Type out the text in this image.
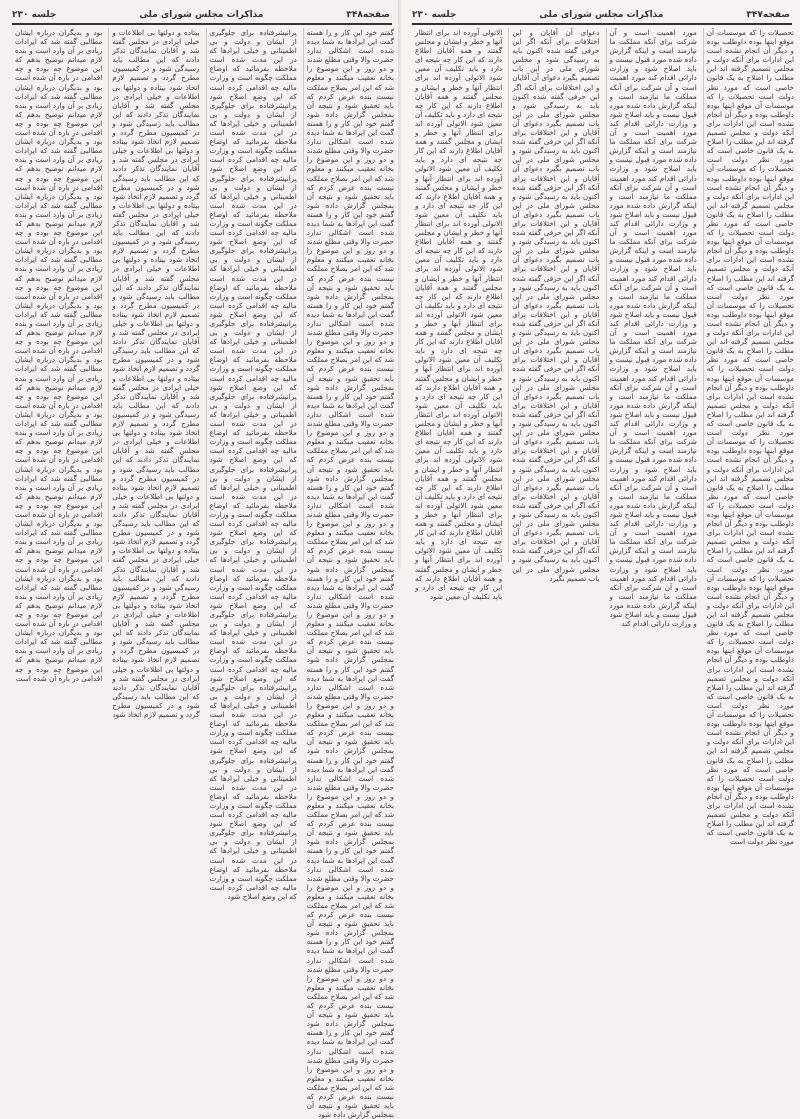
صفحه۳۴۸
مذاکرات مجلس شورای ملی
جلسه ۲۳۰
گفتم خود این کار و را هسته گفت این ایرادها به شما دیده شده است اشکالی ندارد حضرت والا وقتی مطلع شدند و دو روز و این موضوع را بخانه تعقیب میکنند و معلوم شد که این امر بصلاح مملکت نیست بنده عرض کردم که باید تحقیق شود و نتیجه آن بمجلس گزارش داده شود گفتم خود این کار و را هسته گفت این ایرادها به شما دیده شده است اشکالی ندارد حضرت والا وقتی مطلع شدند و دو روز و این موضوع را بخانه تعقیب میکنند و معلوم شد که این امر بصلاح مملکت نیست بنده عرض کردم که باید تحقیق شود و نتیجه آن بمجلس گزارش داده شود گفتم خود این کار و را هسته گفت این ایرادها به شما دیده شده است اشکالی ندارد حضرت والا وقتی مطلع شدند و دو روز و این موضوع را بخانه تعقیب میکنند و معلوم شد که این امر بصلاح مملکت نیست بنده عرض کردم که باید تحقیق شود و نتیجه آن بمجلس گزارش داده شود گفتم خود این کار و را هسته گفت این ایرادها به شما دیده شده است اشکالی ندارد حضرت والا وقتی مطلع شدند و دو روز و این موضوع را بخانه تعقیب میکنند و معلوم شد که این امر بصلاح مملکت نیست بنده عرض کردم که باید تحقیق شود و نتیجه آن بمجلس گزارش داده شود گفتم خود این کار و را هسته گفت این ایرادها به شما دیده شده است اشکالی ندارد حضرت والا وقتی مطلع شدند و دو روز و این موضوع را بخانه تعقیب میکنند و معلوم شد که این امر بصلاح مملکت نیست بنده عرض کردم که باید تحقیق شود و نتیجه آن بمجلس گزارش داده شود گفتم خود این کار و را هسته گفت این ایرادها به شما دیده شده است اشکالی ندارد حضرت والا وقتی مطلع شدند و دو روز و این موضوع را بخانه تعقیب میکنند و معلوم شد که این امر بصلاح مملکت نیست بنده عرض کردم که باید تحقیق شود و نتیجه آن بمجلس گزارش داده شود گفتم خود این کار و را هسته گفت این ایرادها به شما دیده شده است اشکالی ندارد حضرت والا وقتی مطلع شدند و دو روز و این موضوع را بخانه تعقیب میکنند و معلوم شد که این امر بصلاح مملکت نیست بنده عرض کردم که باید تحقیق شود و نتیجه آن بمجلس گزارش داده شود گفتم خود این کار و را هسته گفت این ایرادها به شما دیده شده است اشکالی ندارد حضرت والا وقتی مطلع شدند و دو روز و این موضوع را بخانه تعقیب میکنند و معلوم شد که این امر بصلاح مملکت نیست بنده عرض کردم که باید تحقیق شود و نتیجه آن بمجلس گزارش داده شود گفتم خود این کار و را هسته گفت این ایرادها به شما دیده شده است اشکالی ندارد حضرت والا وقتی مطلع شدند و دو روز و این موضوع را بخانه تعقیب میکنند و معلوم شد که این امر بصلاح مملکت نیست بنده عرض کردم که باید تحقیق شود و نتیجه آن بمجلس گزارش داده شود گفتم خود این کار و را هسته گفت این ایرادها به شما دیده شده است اشکالی ندارد حضرت والا وقتی مطلع شدند و دو روز و این موضوع را بخانه تعقیب میکنند و معلوم شد که این امر بصلاح مملکت نیست بنده عرض کردم که باید تحقیق شود و نتیجه آن بمجلس گزارش داده شود گفتم خود این کار و را هسته گفت این ایرادها به شما دیده شده است اشکالی ندارد حضرت والا وقتی مطلع شدند و دو روز و این موضوع را بخانه تعقیب میکنند و معلوم شد که این امر بصلاح مملکت نیست بنده عرض کردم که باید تحقیق شود و نتیجه آن بمجلس گزارش داده شود گفتم خود این کار و را هسته گفت این ایرادها به شما دیده شده است اشکالی ندارد حضرت والا وقتی مطلع شدند و دو روز و این موضوع را بخانه تعقیب میکنند و معلوم شد که این امر بصلاح مملکت نیست بنده عرض کردم که باید تحقیق شود و نتیجه آن بمجلس گزارش داده شود
پرانیشرفتاده برای جلوگیری از ایشان و دولت و بی اطمینانی و خیلی ایرادها که در این مدت شده است ملاحظه بفرمائید که اوضاع مملکت چگونه است و وزارت مالیه چه اقدامی کرده است که این وضع اصلاح شود پرانیشرفتاده برای جلوگیری از ایشان و دولت و بی اطمینانی و خیلی ایرادها که در این مدت شده است ملاحظه بفرمائید که اوضاع مملکت چگونه است و وزارت مالیه چه اقدامی کرده است که این وضع اصلاح شود پرانیشرفتاده برای جلوگیری از ایشان و دولت و بی اطمینانی و خیلی ایرادها که در این مدت شده است ملاحظه بفرمائید که اوضاع مملکت چگونه است و وزارت مالیه چه اقدامی کرده است که این وضع اصلاح شود پرانیشرفتاده برای جلوگیری از ایشان و دولت و بی اطمینانی و خیلی ایرادها که در این مدت شده است ملاحظه بفرمائید که اوضاع مملکت چگونه است و وزارت مالیه چه اقدامی کرده است که این وضع اصلاح شود پرانیشرفتاده برای جلوگیری از ایشان و دولت و بی اطمینانی و خیلی ایرادها که در این مدت شده است ملاحظه بفرمائید که اوضاع مملکت چگونه است و وزارت مالیه چه اقدامی کرده است که این وضع اصلاح شود پرانیشرفتاده برای جلوگیری از ایشان و دولت و بی اطمینانی و خیلی ایرادها که در این مدت شده است ملاحظه بفرمائید که اوضاع مملکت چگونه است و وزارت مالیه چه اقدامی کرده است که این وضع اصلاح شود پرانیشرفتاده برای جلوگیری از ایشان و دولت و بی اطمینانی و خیلی ایرادها که در این مدت شده است ملاحظه بفرمائید که اوضاع مملکت چگونه است و وزارت مالیه چه اقدامی کرده است که این وضع اصلاح شود پرانیشرفتاده برای جلوگیری از ایشان و دولت و بی اطمینانی و خیلی ایرادها که در این مدت شده است ملاحظه بفرمائید که اوضاع مملکت چگونه است و وزارت مالیه چه اقدامی کرده است که این وضع اصلاح شود پرانیشرفتاده برای جلوگیری از ایشان و دولت و بی اطمینانی و خیلی ایرادها که در این مدت شده است ملاحظه بفرمائید که اوضاع مملکت چگونه است و وزارت مالیه چه اقدامی کرده است که این وضع اصلاح شود پرانیشرفتاده برای جلوگیری از ایشان و دولت و بی اطمینانی و خیلی ایرادها که در این مدت شده است ملاحظه بفرمائید که اوضاع مملکت چگونه است و وزارت مالیه چه اقدامی کرده است که این وضع اصلاح شود پرانیشرفتاده برای جلوگیری از ایشان و دولت و بی اطمینانی و خیلی ایرادها که در این مدت شده است ملاحظه بفرمائید که اوضاع مملکت چگونه است و وزارت مالیه چه اقدامی کرده است که این وضع اصلاح شود پرانیشرفتاده برای جلوگیری از ایشان و دولت و بی اطمینانی و خیلی ایرادها که در این مدت شده است ملاحظه بفرمائید که اوضاع مملکت چگونه است و وزارت مالیه چه اقدامی کرده است که این وضع اصلاح شود
بیتاده و دولتها بی اطلاعات و خیلی ایرادی در مجلس گفته شد و آقایان نمایندگان تذکر دادند که این مطالب باید رسیدگی شود و در کمیسیون مطرح گردد و تصمیم لازم اتخاذ شود بیتاده و دولتها بی اطلاعات و خیلی ایرادی در مجلس گفته شد و آقایان نمایندگان تذکر دادند که این مطالب باید رسیدگی شود و در کمیسیون مطرح گردد و تصمیم لازم اتخاذ شود بیتاده و دولتها بی اطلاعات و خیلی ایرادی در مجلس گفته شد و آقایان نمایندگان تذکر دادند که این مطالب باید رسیدگی شود و در کمیسیون مطرح گردد و تصمیم لازم اتخاذ شود بیتاده و دولتها بی اطلاعات و خیلی ایرادی در مجلس گفته شد و آقایان نمایندگان تذکر دادند که این مطالب باید رسیدگی شود و در کمیسیون مطرح گردد و تصمیم لازم اتخاذ شود بیتاده و دولتها بی اطلاعات و خیلی ایرادی در مجلس گفته شد و آقایان نمایندگان تذکر دادند که این مطالب باید رسیدگی شود و در کمیسیون مطرح گردد و تصمیم لازم اتخاذ شود بیتاده و دولتها بی اطلاعات و خیلی ایرادی در مجلس گفته شد و آقایان نمایندگان تذکر دادند که این مطالب باید رسیدگی شود و در کمیسیون مطرح گردد و تصمیم لازم اتخاذ شود بیتاده و دولتها بی اطلاعات و خیلی ایرادی در مجلس گفته شد و آقایان نمایندگان تذکر دادند که این مطالب باید رسیدگی شود و در کمیسیون مطرح گردد و تصمیم لازم اتخاذ شود بیتاده و دولتها بی اطلاعات و خیلی ایرادی در مجلس گفته شد و آقایان نمایندگان تذکر دادند که این مطالب باید رسیدگی شود و در کمیسیون مطرح گردد و تصمیم لازم اتخاذ شود بیتاده و دولتها بی اطلاعات و خیلی ایرادی در مجلس گفته شد و آقایان نمایندگان تذکر دادند که این مطالب باید رسیدگی شود و در کمیسیون مطرح گردد و تصمیم لازم اتخاذ شود بیتاده و دولتها بی اطلاعات و خیلی ایرادی در مجلس گفته شد و آقایان نمایندگان تذکر دادند که این مطالب باید رسیدگی شود و در کمیسیون مطرح گردد و تصمیم لازم اتخاذ شود بیتاده و دولتها بی اطلاعات و خیلی ایرادی در مجلس گفته شد و آقایان نمایندگان تذکر دادند که این مطالب باید رسیدگی شود و در کمیسیون مطرح گردد و تصمیم لازم اتخاذ شود بیتاده و دولتها بی اطلاعات و خیلی ایرادی در مجلس گفته شد و آقایان نمایندگان تذکر دادند که این مطالب باید رسیدگی شود و در کمیسیون مطرح گردد و تصمیم لازم اتخاذ شود
بود و بدیگران درباره ایشان مطالبی گفته شد که ایرادات زیادی بر آن وارد است و بنده لازم میدانم توضیح بدهم که این موضوع چه بوده و چه اقدامی در باره آن شده است بود و بدیگران درباره ایشان مطالبی گفته شد که ایرادات زیادی بر آن وارد است و بنده لازم میدانم توضیح بدهم که این موضوع چه بوده و چه اقدامی در باره آن شده است بود و بدیگران درباره ایشان مطالبی گفته شد که ایرادات زیادی بر آن وارد است و بنده لازم میدانم توضیح بدهم که این موضوع چه بوده و چه اقدامی در باره آن شده است بود و بدیگران درباره ایشان مطالبی گفته شد که ایرادات زیادی بر آن وارد است و بنده لازم میدانم توضیح بدهم که این موضوع چه بوده و چه اقدامی در باره آن شده است بود و بدیگران درباره ایشان مطالبی گفته شد که ایرادات زیادی بر آن وارد است و بنده لازم میدانم توضیح بدهم که این موضوع چه بوده و چه اقدامی در باره آن شده است بود و بدیگران درباره ایشان مطالبی گفته شد که ایرادات زیادی بر آن وارد است و بنده لازم میدانم توضیح بدهم که این موضوع چه بوده و چه اقدامی در باره آن شده است بود و بدیگران درباره ایشان مطالبی گفته شد که ایرادات زیادی بر آن وارد است و بنده لازم میدانم توضیح بدهم که این موضوع چه بوده و چه اقدامی در باره آن شده است بود و بدیگران درباره ایشان مطالبی گفته شد که ایرادات زیادی بر آن وارد است و بنده لازم میدانم توضیح بدهم که این موضوع چه بوده و چه اقدامی در باره آن شده است بود و بدیگران درباره ایشان مطالبی گفته شد که ایرادات زیادی بر آن وارد است و بنده لازم میدانم توضیح بدهم که این موضوع چه بوده و چه اقدامی در باره آن شده است بود و بدیگران درباره ایشان مطالبی گفته شد که ایرادات زیادی بر آن وارد است و بنده لازم میدانم توضیح بدهم که این موضوع چه بوده و چه اقدامی در باره آن شده است بود و بدیگران درباره ایشان مطالبی گفته شد که ایرادات زیادی بر آن وارد است و بنده لازم میدانم توضیح بدهم که این موضوع چه بوده و چه اقدامی در باره آن شده است بود و بدیگران درباره ایشان مطالبی گفته شد که ایرادات زیادی بر آن وارد است و بنده لازم میدانم توضیح بدهم که این موضوع چه بوده و چه اقدامی در باره آن شده است
صفحه۳۴۷
مذاکرات مجلس شورای ملی
جلسه ۲۳۰
تحصیلات را که موسسات آن موقع اینها بوده داوطلب بوده و دیگر آن انجام نشده است این ادارات برای آنکه دولت و مجلس تصمیم گرفته اند این مطلب را اصلاح به یک قانون خاصی است که مورد نظر دولت است تحصیلات را که موسسات آن موقع اینها بوده داوطلب بوده و دیگر آن انجام نشده است این ادارات برای آنکه دولت و مجلس تصمیم گرفته اند این مطلب را اصلاح به یک قانون خاصی است که مورد نظر دولت است تحصیلات را که موسسات آن موقع اینها بوده داوطلب بوده و دیگر آن انجام نشده است این ادارات برای آنکه دولت و مجلس تصمیم گرفته اند این مطلب را اصلاح به یک قانون خاصی است که مورد نظر دولت است تحصیلات را که موسسات آن موقع اینها بوده داوطلب بوده و دیگر آن انجام نشده است این ادارات برای آنکه دولت و مجلس تصمیم گرفته اند این مطلب را اصلاح به یک قانون خاصی است که مورد نظر دولت است تحصیلات را که موسسات آن موقع اینها بوده داوطلب بوده و دیگر آن انجام نشده است این ادارات برای آنکه دولت و مجلس تصمیم گرفته اند این مطلب را اصلاح به یک قانون خاصی است که مورد نظر دولت است تحصیلات را که موسسات آن موقع اینها بوده داوطلب بوده و دیگر آن انجام نشده است این ادارات برای آنکه دولت و مجلس تصمیم گرفته اند این مطلب را اصلاح به یک قانون خاصی است که مورد نظر دولت است تحصیلات را که موسسات آن موقع اینها بوده داوطلب بوده و دیگر آن انجام نشده است این ادارات برای آنکه دولت و مجلس تصمیم گرفته اند این مطلب را اصلاح به یک قانون خاصی است که مورد نظر دولت است تحصیلات را که موسسات آن موقع اینها بوده داوطلب بوده و دیگر آن انجام نشده است این ادارات برای آنکه دولت و مجلس تصمیم گرفته اند این مطلب را اصلاح به یک قانون خاصی است که مورد نظر دولت است تحصیلات را که موسسات آن موقع اینها بوده داوطلب بوده و دیگر آن انجام نشده است این ادارات برای آنکه دولت و مجلس تصمیم گرفته اند این مطلب را اصلاح به یک قانون خاصی است که مورد نظر دولت است تحصیلات را که موسسات آن موقع اینها بوده داوطلب بوده و دیگر آن انجام نشده است این ادارات برای آنکه دولت و مجلس تصمیم گرفته اند این مطلب را اصلاح به یک قانون خاصی است که مورد نظر دولت است تحصیلات را که موسسات آن موقع اینها بوده داوطلب بوده و دیگر آن انجام نشده است این ادارات برای آنکه دولت و مجلس تصمیم گرفته اند این مطلب را اصلاح به یک قانون خاصی است که مورد نظر دولت است تحصیلات را که موسسات آن موقع اینها بوده داوطلب بوده و دیگر آن انجام نشده است این ادارات برای آنکه دولت و مجلس تصمیم گرفته اند این مطلب را اصلاح به یک قانون خاصی است که مورد نظر دولت است
مورد اهمیت است و آن شرکت برای آنکه مملکت ما نیازمند است و اینکه گزارش داده شده مورد قبول نیست و باید اصلاح شود و وزارت دارائی اقدام کند مورد اهمیت است و آن شرکت برای آنکه مملکت ما نیازمند است و اینکه گزارش داده شده مورد قبول نیست و باید اصلاح شود و وزارت دارائی اقدام کند مورد اهمیت است و آن شرکت برای آنکه مملکت ما نیازمند است و اینکه گزارش داده شده مورد قبول نیست و باید اصلاح شود و وزارت دارائی اقدام کند مورد اهمیت است و آن شرکت برای آنکه مملکت ما نیازمند است و اینکه گزارش داده شده مورد قبول نیست و باید اصلاح شود و وزارت دارائی اقدام کند مورد اهمیت است و آن شرکت برای آنکه مملکت ما نیازمند است و اینکه گزارش داده شده مورد قبول نیست و باید اصلاح شود و وزارت دارائی اقدام کند مورد اهمیت است و آن شرکت برای آنکه مملکت ما نیازمند است و اینکه گزارش داده شده مورد قبول نیست و باید اصلاح شود و وزارت دارائی اقدام کند مورد اهمیت است و آن شرکت برای آنکه مملکت ما نیازمند است و اینکه گزارش داده شده مورد قبول نیست و باید اصلاح شود و وزارت دارائی اقدام کند مورد اهمیت است و آن شرکت برای آنکه مملکت ما نیازمند است و اینکه گزارش داده شده مورد قبول نیست و باید اصلاح شود و وزارت دارائی اقدام کند مورد اهمیت است و آن شرکت برای آنکه مملکت ما نیازمند است و اینکه گزارش داده شده مورد قبول نیست و باید اصلاح شود و وزارت دارائی اقدام کند مورد اهمیت است و آن شرکت برای آنکه مملکت ما نیازمند است و اینکه گزارش داده شده مورد قبول نیست و باید اصلاح شود و وزارت دارائی اقدام کند مورد اهمیت است و آن شرکت برای آنکه مملکت ما نیازمند است و اینکه گزارش داده شده مورد قبول نیست و باید اصلاح شود و وزارت دارائی اقدام کند مورد اهمیت است و آن شرکت برای آنکه مملکت ما نیازمند است و اینکه گزارش داده شده مورد قبول نیست و باید اصلاح شود و وزارت دارائی اقدام کند
دعوای آن آقایان و این اختلافات برای آنکه اگر این حرفی گفته شده اکنون باید به رسیدگی شود و مجلس شورای ملی در این باب تصمیم بگیرد دعوای آن آقایان و این اختلافات برای آنکه اگر این حرفی گفته شده اکنون باید به رسیدگی شود و مجلس شورای ملی در این باب تصمیم بگیرد دعوای آن آقایان و این اختلافات برای آنکه اگر این حرفی گفته شده اکنون باید به رسیدگی شود و مجلس شورای ملی در این باب تصمیم بگیرد دعوای آن آقایان و این اختلافات برای آنکه اگر این حرفی گفته شده اکنون باید به رسیدگی شود و مجلس شورای ملی در این باب تصمیم بگیرد دعوای آن آقایان و این اختلافات برای آنکه اگر این حرفی گفته شده اکنون باید به رسیدگی شود و مجلس شورای ملی در این باب تصمیم بگیرد دعوای آن آقایان و این اختلافات برای آنکه اگر این حرفی گفته شده اکنون باید به رسیدگی شود و مجلس شورای ملی در این باب تصمیم بگیرد دعوای آن آقایان و این اختلافات برای آنکه اگر این حرفی گفته شده اکنون باید به رسیدگی شود و مجلس شورای ملی در این باب تصمیم بگیرد دعوای آن آقایان و این اختلافات برای آنکه اگر این حرفی گفته شده اکنون باید به رسیدگی شود و مجلس شورای ملی در این باب تصمیم بگیرد دعوای آن آقایان و این اختلافات برای آنکه اگر این حرفی گفته شده اکنون باید به رسیدگی شود و مجلس شورای ملی در این باب تصمیم بگیرد دعوای آن آقایان و این اختلافات برای آنکه اگر این حرفی گفته شده اکنون باید به رسیدگی شود و مجلس شورای ملی در این باب تصمیم بگیرد دعوای آن آقایان و این اختلافات برای آنکه اگر این حرفی گفته شده اکنون باید به رسیدگی شود و مجلس شورای ملی در این باب تصمیم بگیرد دعوای آن آقایان و این اختلافات برای آنکه اگر این حرفی گفته شده اکنون باید به رسیدگی شود و مجلس شورای ملی در این باب تصمیم بگیرد
الاتولی آورده اند برای انتظار آنها و خطر و ایشان و مجلس گفتند و همه آقایان اطلاع دارند که این کار چه نتیجه ای دارد و باید تکلیف آن معین شود الاتولی آورده اند برای انتظار آنها و خطر و ایشان و مجلس گفتند و همه آقایان اطلاع دارند که این کار چه نتیجه ای دارد و باید تکلیف آن معین شود الاتولی آورده اند برای انتظار آنها و خطر و ایشان و مجلس گفتند و همه آقایان اطلاع دارند که این کار چه نتیجه ای دارد و باید تکلیف آن معین شود الاتولی آورده اند برای انتظار آنها و خطر و ایشان و مجلس گفتند و همه آقایان اطلاع دارند که این کار چه نتیجه ای دارد و باید تکلیف آن معین شود الاتولی آورده اند برای انتظار آنها و خطر و ایشان و مجلس گفتند و همه آقایان اطلاع دارند که این کار چه نتیجه ای دارد و باید تکلیف آن معین شود الاتولی آورده اند برای انتظار آنها و خطر و ایشان و مجلس گفتند و همه آقایان اطلاع دارند که این کار چه نتیجه ای دارد و باید تکلیف آن معین شود الاتولی آورده اند برای انتظار آنها و خطر و ایشان و مجلس گفتند و همه آقایان اطلاع دارند که این کار چه نتیجه ای دارد و باید تکلیف آن معین شود الاتولی آورده اند برای انتظار آنها و خطر و ایشان و مجلس گفتند و همه آقایان اطلاع دارند که این کار چه نتیجه ای دارد و باید تکلیف آن معین شود الاتولی آورده اند برای انتظار آنها و خطر و ایشان و مجلس گفتند و همه آقایان اطلاع دارند که این کار چه نتیجه ای دارد و باید تکلیف آن معین شود الاتولی آورده اند برای انتظار آنها و خطر و ایشان و مجلس گفتند و همه آقایان اطلاع دارند که این کار چه نتیجه ای دارد و باید تکلیف آن معین شود الاتولی آورده اند برای انتظار آنها و خطر و ایشان و مجلس گفتند و همه آقایان اطلاع دارند که این کار چه نتیجه ای دارد و باید تکلیف آن معین شود الاتولی آورده اند برای انتظار آنها و خطر و ایشان و مجلس گفتند و همه آقایان اطلاع دارند که این کار چه نتیجه ای دارد و باید تکلیف آن معین شود
